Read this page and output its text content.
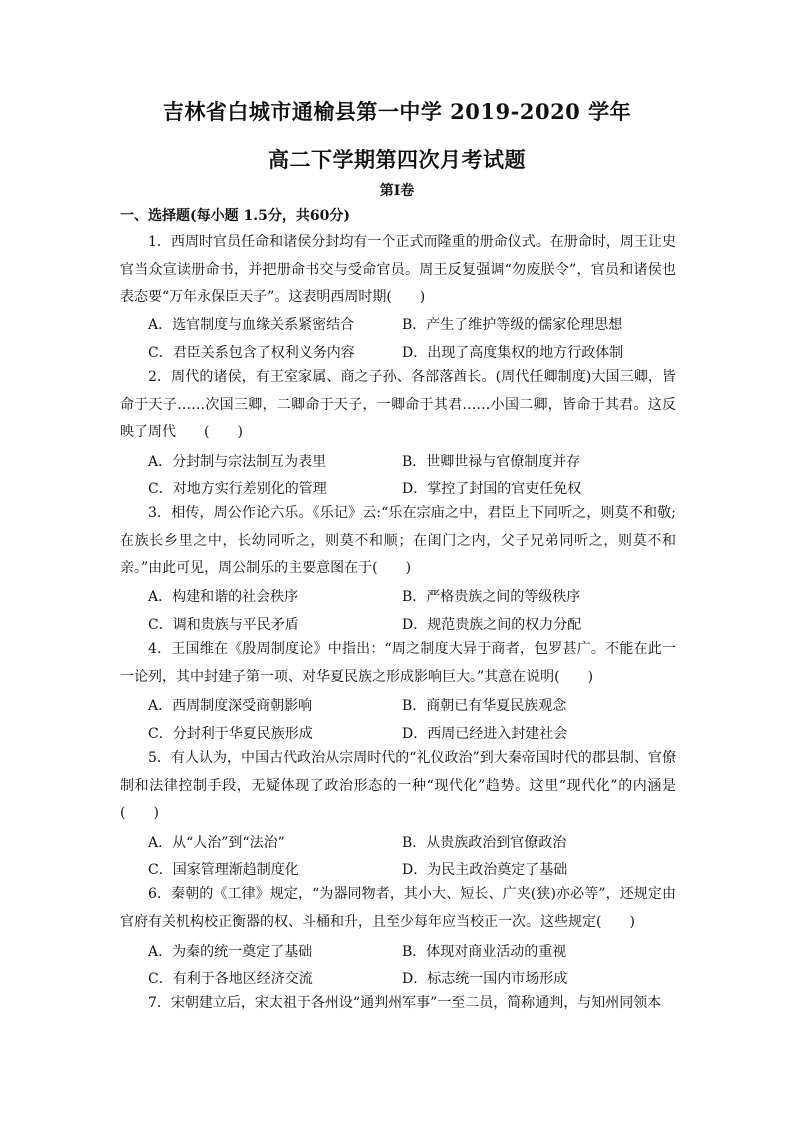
吉林省白城市通榆县第一中学 2019-2020 学年
高二下学期第四次月考试题
第Ⅰ卷
一、选择题(每小题 1.5分，共60分)
1．西周时官员任命和诸侯分封均有一个正式而隆重的册命仪式。在册命时，周王让史官当众宣读册命书，并把册命书交与受命官员。周王反复强调“勿废朕令”，官员和诸侯也表态要“万年永保臣天子”。这表明西周时期(　　)
A．选官制度与血缘关系紧密结合	B．产生了维护等级的儒家伦理思想
C．君臣关系包含了权利义务内容	D．出现了高度集权的地方行政体制
2．周代的诸侯，有王室家属、商之子孙、各部落酋长。(周代任卿制度)大国三卿，皆命于天子……次国三卿，二卿命于天子，一卿命于其君……小国二卿，皆命于其君。这反映了周代　　(　　)
A．分封制与宗法制互为表里	B．世卿世禄与官僚制度并存
C．对地方实行差别化的管理	D．掌控了封国的官吏任免权
3．相传，周公作论六乐。《乐记》云:“乐在宗庙之中，君臣上下同听之，则莫不和敬;在族长乡里之中，长幼同听之，则莫不和顺；在闺门之内，父子兄弟同听之，则莫不和亲。”由此可见，周公制乐的主要意图在于(　　)
A．构建和谐的社会秩序	B．严格贵族之间的等级秩序
C．调和贵族与平民矛盾	D．规范贵族之间的权力分配
4．王国维在《殷周制度论》中指出：“周之制度大异于商者，包罗甚广。不能在此一一论列，其中封建子第一项、对华夏民族之形成影响巨大。”其意在说明(　　)
A．西周制度深受商朝影响	B．商朝已有华夏民族观念
C．分封利于华夏民族形成	D．西周已经进入封建社会
5．有人认为，中国古代政治从宗周时代的“礼仪政治”到大秦帝国时代的郡县制、官僚制和法律控制手段，无疑体现了政治形态的一种“现代化”趋势。这里“现代化”的内涵是(　　)
A．从“人治”到“法治”	B．从贵族政治到官僚政治
C．国家管理渐趋制度化	D．为民主政治奠定了基础
6．秦朝的《工律》规定，“为器同物者，其小大、短长、广夹(狭)亦必等”，还规定由官府有关机构校正衡器的权、斗桶和升，且至少每年应当校正一次。这些规定(　　)
A．为秦的统一奠定了基础	B．体现对商业活动的重视
C．有利于各地区经济交流	D．标志统一国内市场形成
7．宋朝建立后，宋太祖于各州设“通判州军事”一至二员，简称通判，与知州同领本
